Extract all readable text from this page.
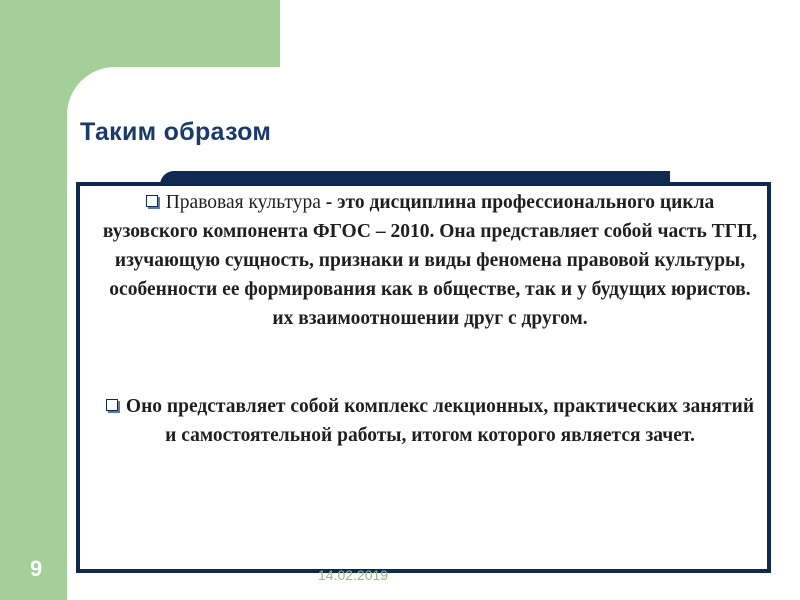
Таким образом
Правовая культура - это дисциплина профессионального цикла вузовского компонента ФГОС – 2010. Она представляет собой часть ТГП, изучающую сущность, признаки и виды феномена правовой культуры, особенности ее формирования как в обществе, так и у будущих юристов. их взаимоотношении друг с другом.
Оно представляет собой комплекс лекционных, практических занятий и самостоятельной работы, итогом которого является зачет.
9	14.02.2019
